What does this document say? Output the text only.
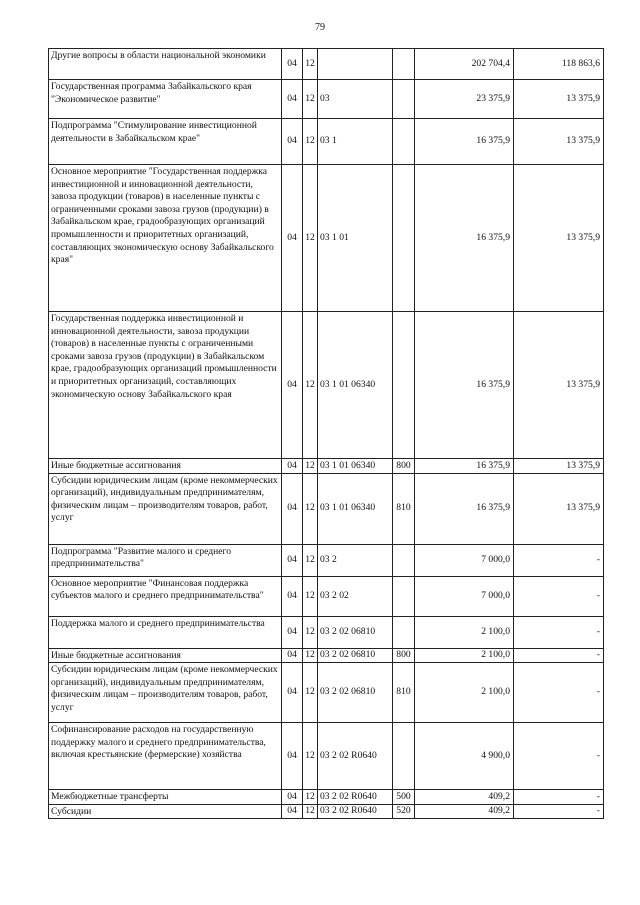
79
Другие вопросы в области национальной экономики	04	12			202 704,4	118 863,6
Государственная программа Забайкальского края "Экономическое развитие"	04	12	03		23 375,9	13 375,9
Подпрограмма "Стимулирование инвестиционной деятельности в Забайкальском крае"	04	12	03 1		16 375,9	13 375,9
Основное мероприятие "Государственная поддержка инвестиционной и инновационной деятельности, завоза продукции (товаров) в населенные пункты с ограниченными сроками завоза грузов (продукции) в Забайкальском крае, градообразующих организаций промышленности и приоритетных организаций, составляющих экономическую основу Забайкальского края"	04	12	03 1 01		16 375,9	13 375,9
Государственная поддержка инвестиционной и инновационной деятельности, завоза продукции (товаров) в населенные пункты с ограниченными сроками завоза грузов (продукции) в Забайкальском крае, градообразующих организаций промышленности и приоритетных организаций, составляющих экономическую основу Забайкальского края	04	12	03 1 01 06340		16 375,9	13 375,9
Иные бюджетные ассигнования	04	12	03 1 01 06340	800	16 375,9	13 375,9
Субсидии юридическим лицам (кроме некоммерческих организаций), индивидуальным предпринимателям, физическим лицам – производителям товаров, работ, услуг	04	12	03 1 01 06340	810	16 375,9	13 375,9
Подпрограмма "Развитие малого и среднего предпринимательства"	04	12	03 2		7 000,0	-
Основное мероприятие "Финансовая поддержка субъектов малого и среднего предпринимательства"	04	12	03 2 02		7 000,0	-
Поддержка малого и среднего предпринимательства	04	12	03 2 02 06810		2 100,0	-
Иные бюджетные ассигнования	04	12	03 2 02 06810	800	2 100,0	-
Субсидии юридическим лицам (кроме некоммерческих организаций), индивидуальным предпринимателям, физическим лицам – производителям товаров, работ, услуг	04	12	03 2 02 06810	810	2 100,0	-
Софинансирование расходов на государственную поддержку малого и среднего предпринимательства, включая крестьянские (фермерские) хозяйства	04	12	03 2 02 R0640		4 900,0	-
Межбюджетные трансферты	04	12	03 2 02 R0640	500	409,2	-
Субсидии	04	12	03 2 02 R0640	520	409,2	-
